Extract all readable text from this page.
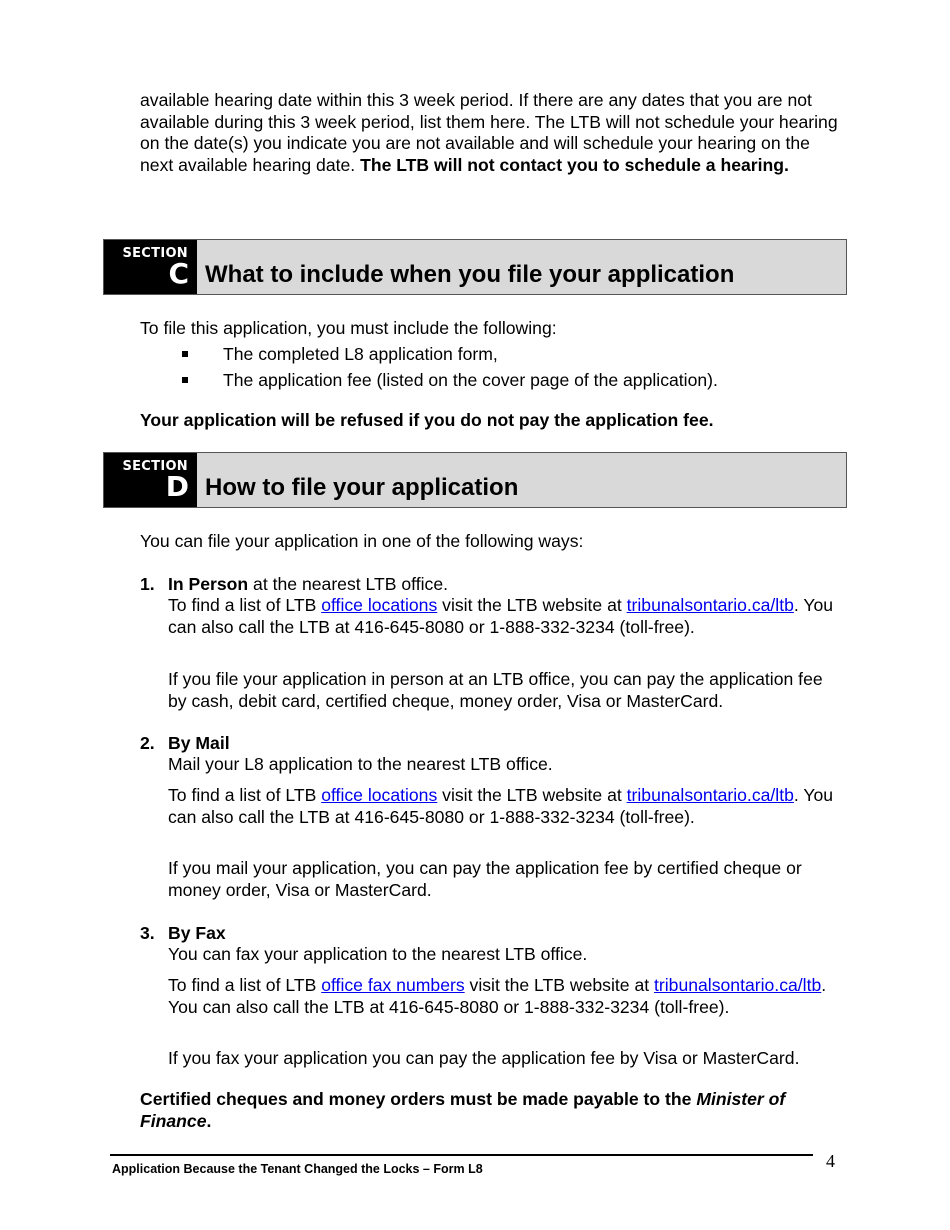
available hearing date within this 3 week period. If there are any dates that you are not available during this 3 week period, list them here. The LTB will not schedule your hearing on the date(s) you indicate you are not available and will schedule your hearing on the next available hearing date. The LTB will not contact you to schedule a hearing.
SECTION
C What to include when you file your application
To file this application, you must include the following:
The completed L8 application form,
The application fee (listed on the cover page of the application).
Your application will be refused if you do not pay the application fee.
SECTION
D How to file your application
You can file your application in one of the following ways:
1. In Person at the nearest LTB office.
To find a list of LTB office locations visit the LTB website at tribunalsontario.ca/ltb. You can also call the LTB at 416-645-8080 or 1-888-332-3234 (toll-free).
If you file your application in person at an LTB office, you can pay the application fee by cash, debit card, certified cheque, money order, Visa or MasterCard.
2. By Mail
Mail your L8 application to the nearest LTB office.
To find a list of LTB office locations visit the LTB website at tribunalsontario.ca/ltb. You can also call the LTB at 416-645-8080 or 1-888-332-3234 (toll-free).
If you mail your application, you can pay the application fee by certified cheque or money order, Visa or MasterCard.
3. By Fax
You can fax your application to the nearest LTB office.
To find a list of LTB office fax numbers visit the LTB website at tribunalsontario.ca/ltb. You can also call the LTB at 416-645-8080 or 1-888-332-3234 (toll-free).
If you fax your application you can pay the application fee by Visa or MasterCard.
Certified cheques and money orders must be made payable to the Minister of Finance.
Application Because the Tenant Changed the Locks – Form L8	4
